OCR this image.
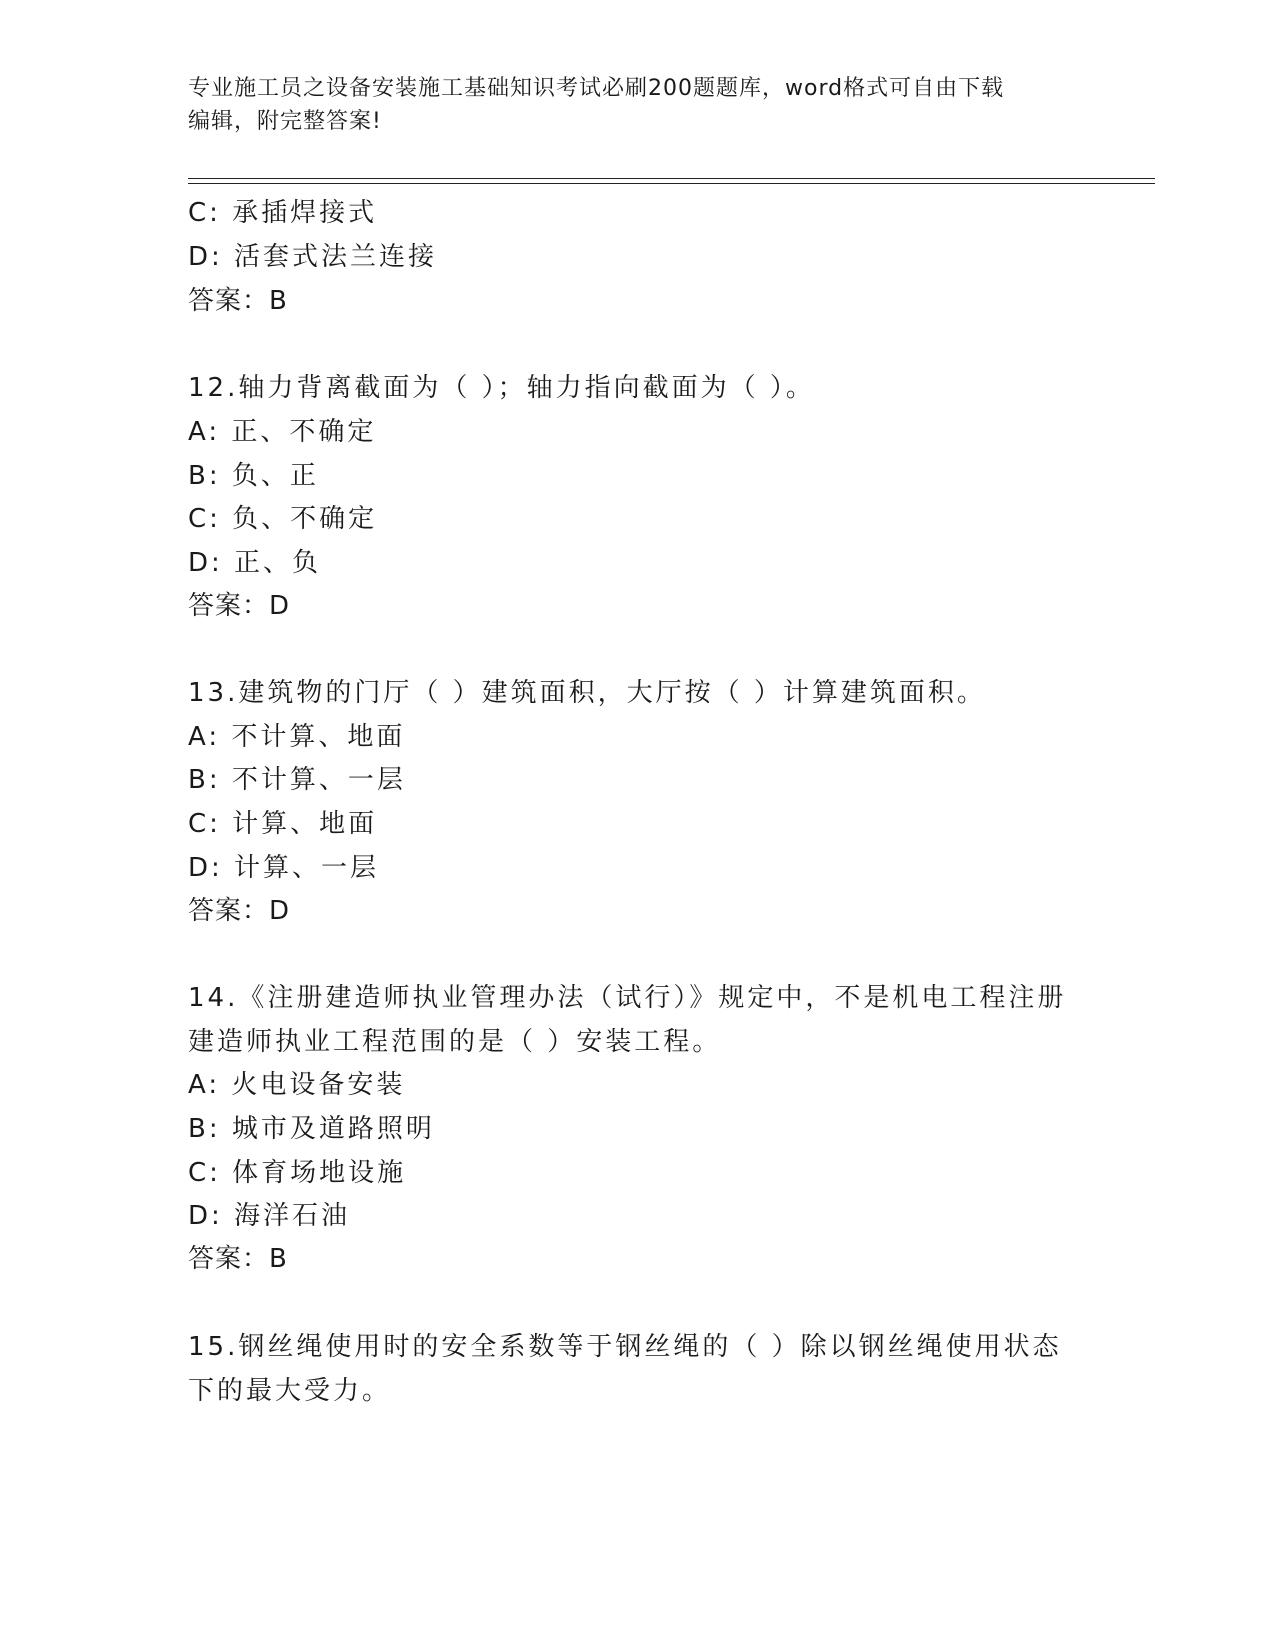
专业施工员之设备安装施工基础知识考试必刷200题题库，word格式可自由下载
编辑，附完整答案!
C: 承插焊接式
D: 活套式法兰连接
答案：B
12.轴力背离截面为（ ）；轴力指向截面为（ ）。
A: 正、不确定
B: 负、正
C: 负、不确定
D: 正、负
答案：D
13.建筑物的门厅（ ）建筑面积，大厅按（ ）计算建筑面积。
A: 不计算、地面
B: 不计算、一层
C: 计算、地面
D: 计算、一层
答案：D
14.《注册建造师执业管理办法（试行）》规定中，不是机电工程注册
建造师执业工程范围的是（ ）安装工程。
A: 火电设备安装
B: 城市及道路照明
C: 体育场地设施
D: 海洋石油
答案：B
15.钢丝绳使用时的安全系数等于钢丝绳的（ ）除以钢丝绳使用状态
下的最大受力。
